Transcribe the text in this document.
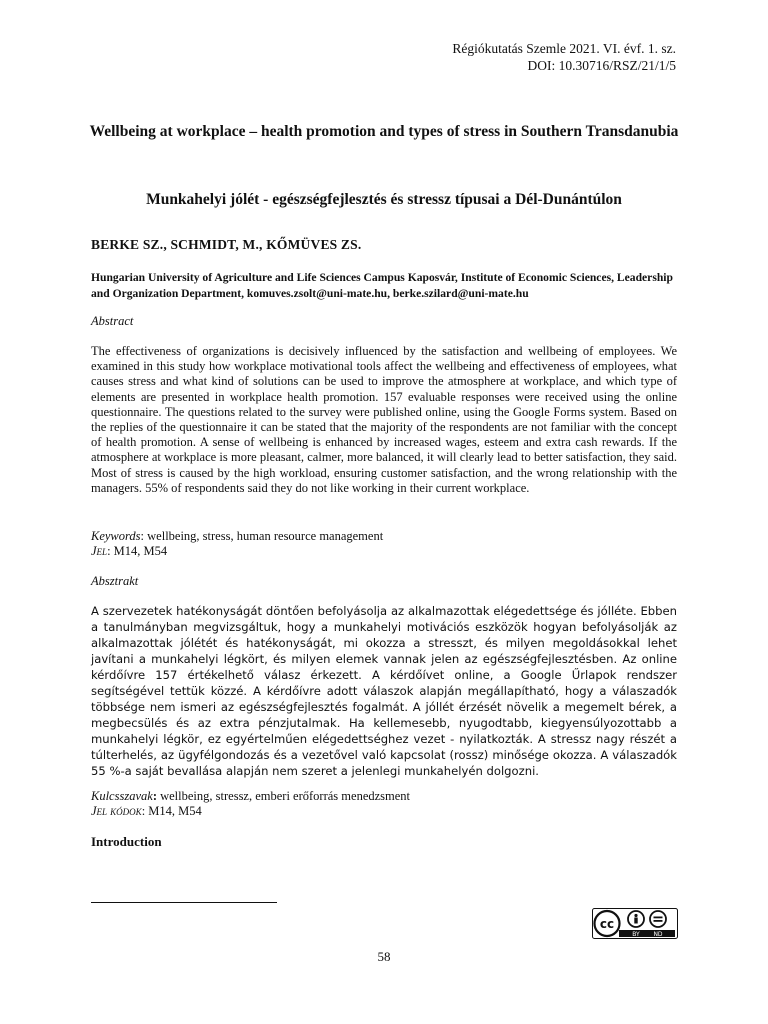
Régiókutatás Szemle 2021. VI. évf. 1. sz.
DOI: 10.30716/RSZ/21/1/5
Wellbeing at workplace – health promotion and types of stress in Southern Transdanubia
Munkahelyi jólét - egészségfejlesztés és stressz típusai a Dél-Dunántúlon
BERKE SZ., SCHMIDT, M., KŐMÜVES ZS.
Hungarian University of Agriculture and Life Sciences Campus Kaposvár, Institute of Economic Sciences, Leadership and Organization Department, komuves.zsolt@uni-mate.hu, berke.szilard@uni-mate.hu
Abstract
The effectiveness of organizations is decisively influenced by the satisfaction and wellbeing of employees. We examined in this study how workplace motivational tools affect the wellbeing and effectiveness of employees, what causes stress and what kind of solutions can be used to improve the atmosphere at workplace, and which type of elements are presented in workplace health promotion. 157 evaluable responses were received using the online questionnaire. The questions related to the survey were published online, using the Google Forms system. Based on the replies of the questionnaire it can be stated that the majority of the respondents are not familiar with the concept of health promotion. A sense of wellbeing is enhanced by increased wages, esteem and extra cash rewards. If the atmosphere at workplace is more pleasant, calmer, more balanced, it will clearly lead to better satisfaction, they said. Most of stress is caused by the high workload, ensuring customer satisfaction, and the wrong relationship with the managers. 55% of respondents said they do not like working in their current workplace.
Keywords: wellbeing, stress, human resource management
Jel: M14, M54
Absztrakt
A szervezetek hatékonyságát döntően befolyásolja az alkalmazottak elégedettsége és jólléte. Ebben a tanulmányban megvizsgáltuk, hogy a munkahelyi motivációs eszközök hogyan befolyásolják az alkalmazottak jólétét és hatékonyságát, mi okozza a stresszt, és milyen megoldásokkal lehet javítani a munkahelyi légkört, és milyen elemek vannak jelen az egészségfejlesztésben. Az online kérdőívre 157 értékelhető válasz érkezett. A kérdőívet online, a Google Űrlapok rendszer segítségével tettük közzé. A kérdőívre adott válaszok alapján megállapítható, hogy a válaszadók többsége nem ismeri az egészségfejlesztés fogalmát. A jóllét érzését növelik a megemelt bérek, a megbecsülés és az extra pénzjutalmak. Ha kellemesebb, nyugodtabb, kiegyensúlyozottabb a munkahelyi légkör, ez egyértelműen elégedettséghez vezet - nyilatkozták. A stressz nagy részét a túlterhelés, az ügyfélgondozás és a vezetővel való kapcsolat (rossz) minősége okozza. A válaszadók 55 %-a saját bevallása alapján nem szeret a jelenlegi munkahelyén dolgozni.
Kulcsszavak: wellbeing, stressz, emberi erőforrás menedzsment
Jel kódok: M14, M54
Introduction
cc
BY ND
58
